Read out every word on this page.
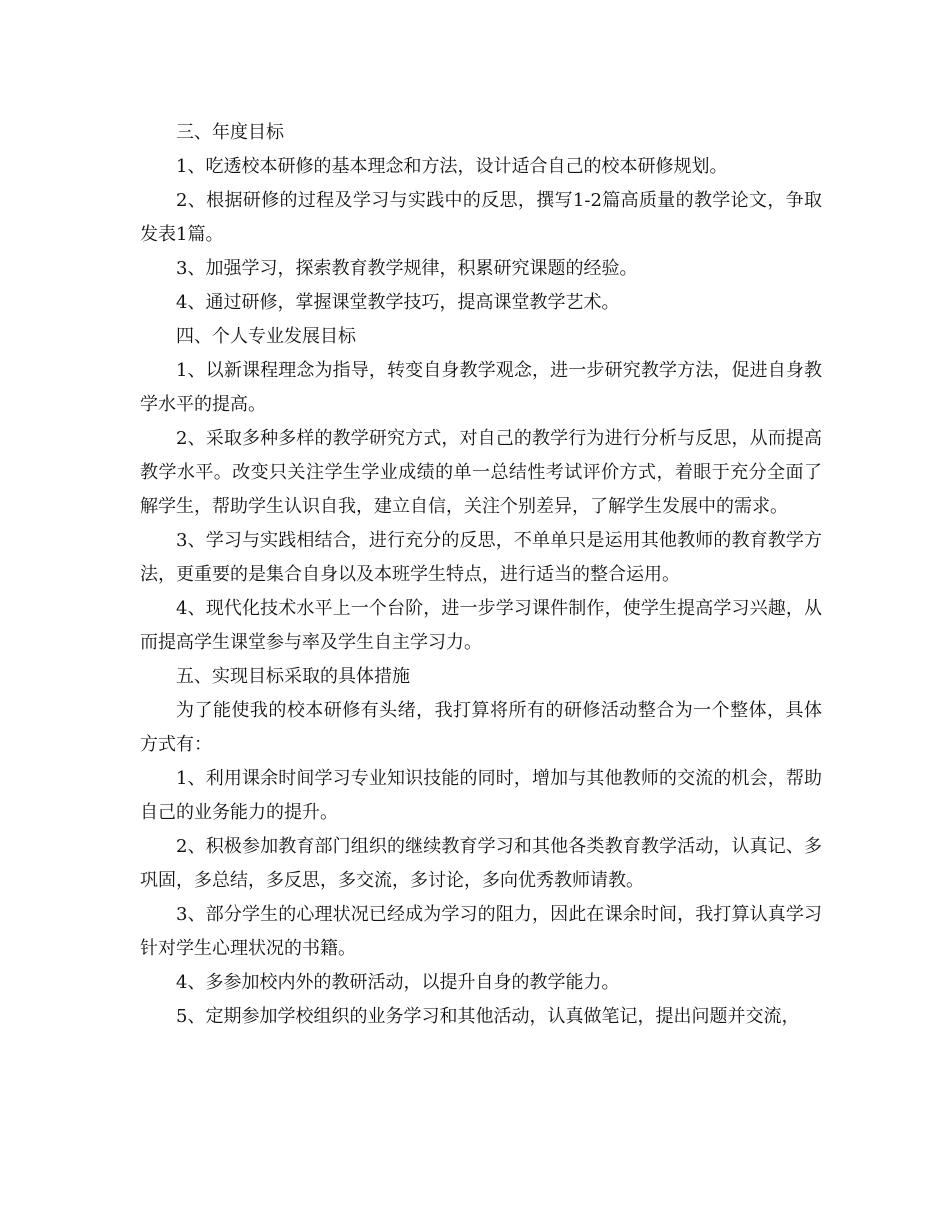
三、年度目标

1、吃透校本研修的基本理念和方法，设计适合自己的校本研修规划。

2、根据研修的过程及学习与实践中的反思，撰写1-2篇高质量的教学论文，争取发表1篇。

3、加强学习，探索教育教学规律，积累研究课题的经验。

4、通过研修，掌握课堂教学技巧，提高课堂教学艺术。

四、个人专业发展目标

1、以新课程理念为指导，转变自身教学观念，进一步研究教学方法，促进自身教学水平的提高。

2、采取多种多样的教学研究方式，对自己的教学行为进行分析与反思，从而提高教学水平。改变只关注学生学业成绩的单一总结性考试评价方式，着眼于充分全面了解学生，帮助学生认识自我，建立自信，关注个别差异，了解学生发展中的需求。

3、学习与实践相结合，进行充分的反思，不单单只是运用其他教师的教育教学方法，更重要的是集合自身以及本班学生特点，进行适当的整合运用。

4、现代化技术水平上一个台阶，进一步学习课件制作，使学生提高学习兴趣，从而提高学生课堂参与率及学生自主学习力。

五、实现目标采取的具体措施

为了能使我的校本研修有头绪，我打算将所有的研修活动整合为一个整体，具体方式有：

1、利用课余时间学习专业知识技能的同时，增加与其他教师的交流的机会，帮助自己的业务能力的提升。

2、积极参加教育部门组织的继续教育学习和其他各类教育教学活动，认真记、多巩固，多总结，多反思，多交流，多讨论，多向优秀教师请教。

3、部分学生的心理状况已经成为学习的阻力，因此在课余时间，我打算认真学习针对学生心理状况的书籍。

4、多参加校内外的教研活动，以提升自身的教学能力。

5、定期参加学校组织的业务学习和其他活动，认真做笔记，提出问题并交流，
